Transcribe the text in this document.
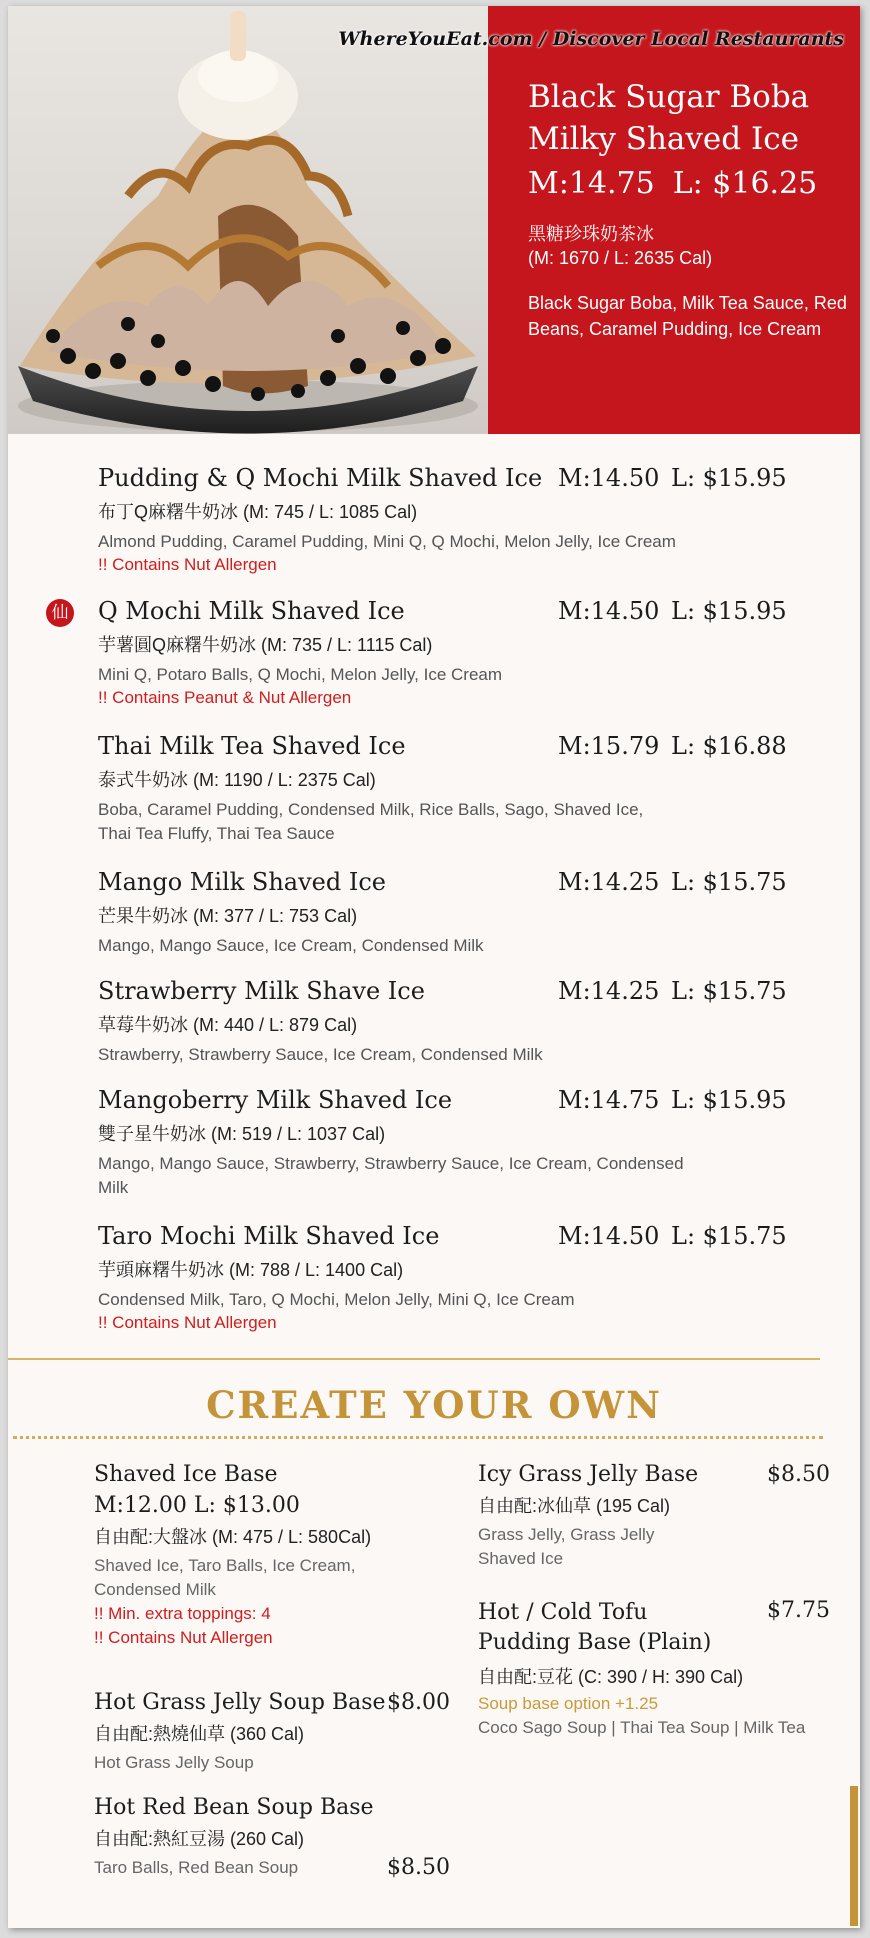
Black Sugar Boba Milky Shaved Ice
M:14.75 L: $16.25
黑糖珍珠奶茶冰
(M: 1670 / L: 2635 Cal)
Black Sugar Boba, Milk Tea Sauce, Red Beans, Caramel Pudding, Ice Cream
WhereYouEat.com / Discover Local Restaurants
仙
Pudding & Q Mochi Milk Shaved Ice M:14.50 L: $15.95
布丁Q麻糬牛奶冰 (M: 745 / L: 1085 Cal)
Almond Pudding, Caramel Pudding, Mini Q, Q Mochi, Melon Jelly, Ice Cream
!! Contains Nut Allergen
Q Mochi Milk Shaved Ice	M:14.50 L: $15.95
芋薯圓Q麻糬牛奶冰 (M: 735 / L: 1115 Cal)
Mini Q, Potaro Balls, Q Mochi, Melon Jelly, Ice Cream
!! Contains Peanut & Nut Allergen
Thai Milk Tea Shaved Ice	M:15.79 L: $16.88
泰式牛奶冰 (M: 1190 / L: 2375 Cal)
Boba, Caramel Pudding, Condensed Milk, Rice Balls, Sago, Shaved Ice, Thai Tea Fluffy, Thai Tea Sauce
Mango Milk Shaved Ice	M:14.25 L: $15.75
芒果牛奶冰 (M: 377 / L: 753 Cal)
Mango, Mango Sauce, Ice Cream, Condensed Milk
Strawberry Milk Shave Ice	M:14.25 L: $15.75
草莓牛奶冰 (M: 440 / L: 879 Cal)
Strawberry, Strawberry Sauce, Ice Cream, Condensed Milk
Mangoberry Milk Shaved Ice	M:14.75 L: $15.95
雙子星牛奶冰 (M: 519 / L: 1037 Cal)
Mango, Mango Sauce, Strawberry, Strawberry Sauce, Ice Cream, Condensed Milk
Taro Mochi Milk Shaved Ice	M:14.50 L: $15.75
芋頭麻糬牛奶冰 (M: 788 / L: 1400 Cal)
Condensed Milk, Taro, Q Mochi, Melon Jelly, Mini Q, Ice Cream
!! Contains Nut Allergen
CREATE YOUR OWN
Shaved Ice Base
M:12.00 L: $13.00
自由配:大盤冰 (M: 475 / L: 580Cal)
Shaved Ice, Taro Balls, Ice Cream, Condensed Milk
!! Min. extra toppings: 4
!! Contains Nut Allergen
Hot Grass Jelly Soup Base $8.00
自由配:熱燒仙草 (360 Cal)
Hot Grass Jelly Soup
Hot Red Bean Soup Base
自由配:熱紅豆湯 (260 Cal)
Taro Balls, Red Bean Soup	$8.50
Icy Grass Jelly Base	$8.50
自由配:冰仙草 (195 Cal)
Grass Jelly, Grass Jelly Shaved Ice
Hot / Cold Tofu Pudding Base (Plain)
$7.75
自由配:豆花 (C: 390 / H: 390 Cal)
Soup base option +1.25
Coco Sago Soup | Thai Tea Soup | Milk Tea
